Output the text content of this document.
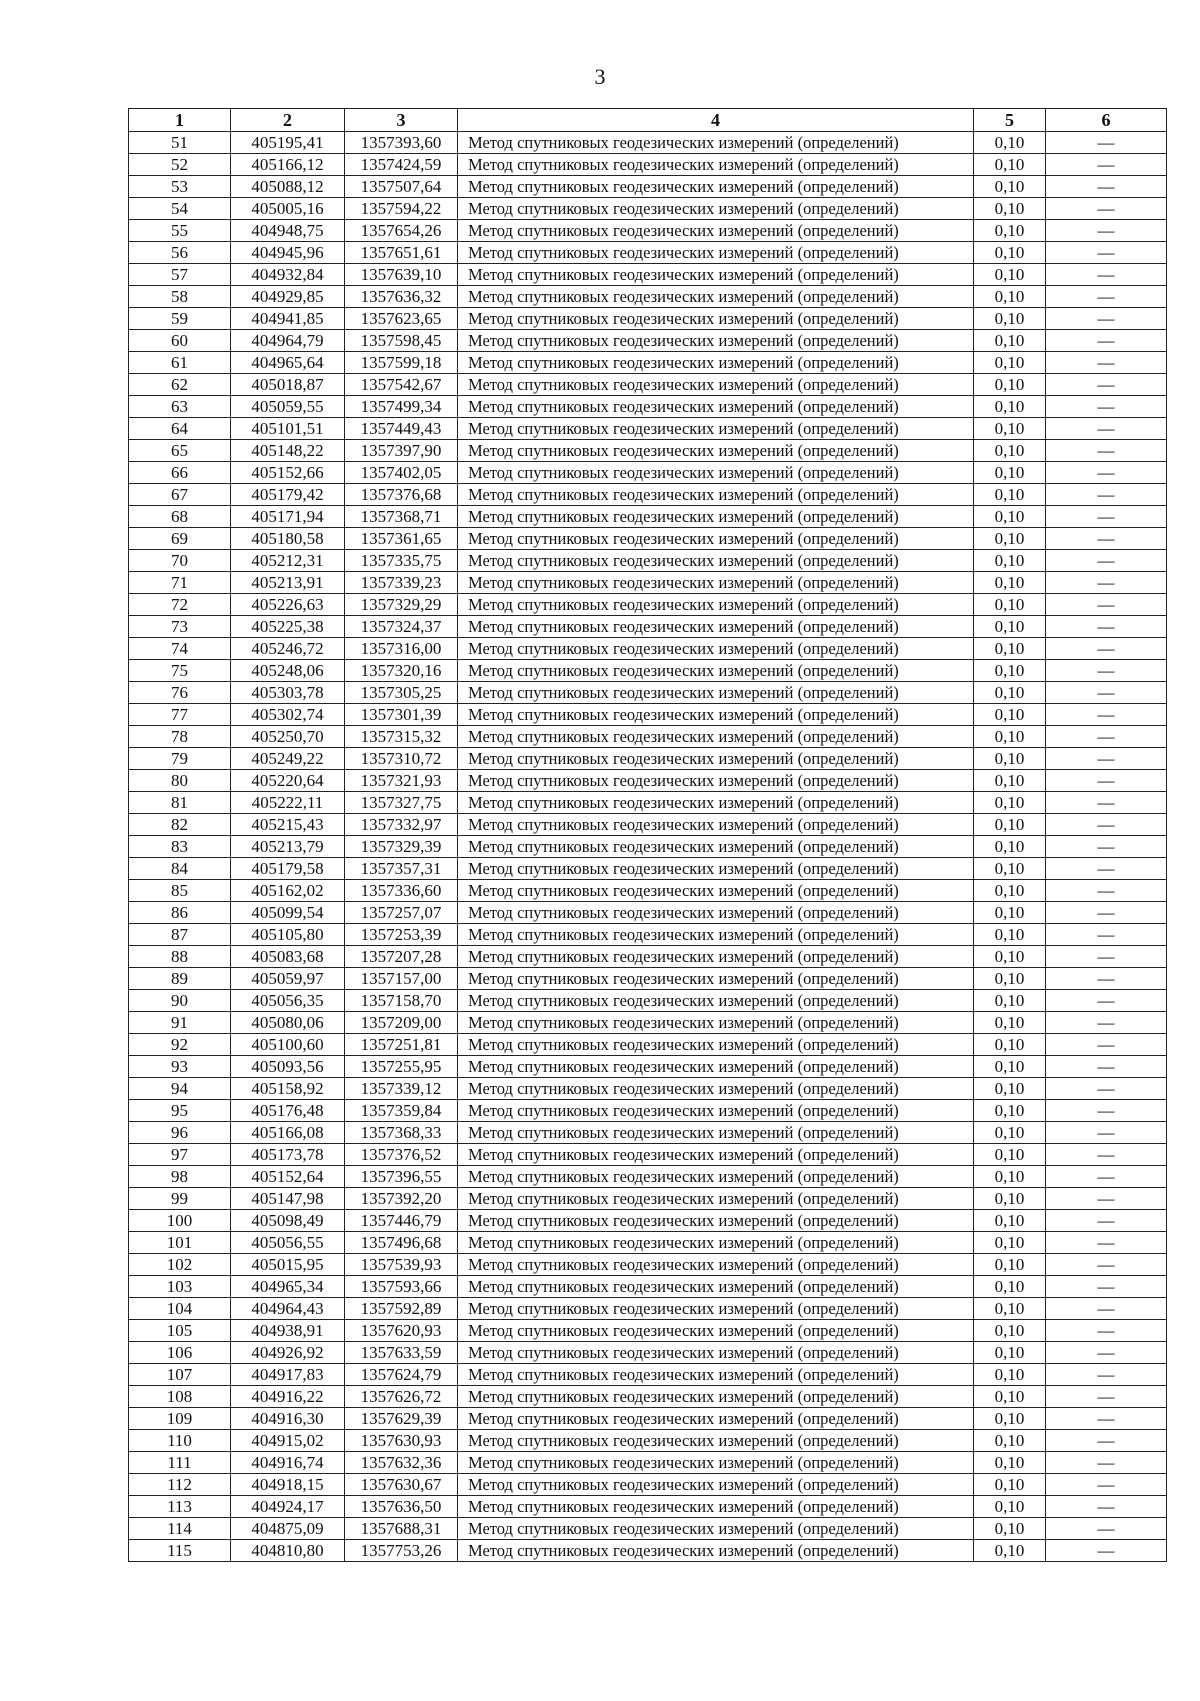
3
1	2	3	4	5	6
51	405195,41	1357393,60	Метод спутниковых геодезических измерений (определений)	0,10	—
52	405166,12	1357424,59	Метод спутниковых геодезических измерений (определений)	0,10	—
53	405088,12	1357507,64	Метод спутниковых геодезических измерений (определений)	0,10	—
54	405005,16	1357594,22	Метод спутниковых геодезических измерений (определений)	0,10	—
55	404948,75	1357654,26	Метод спутниковых геодезических измерений (определений)	0,10	—
56	404945,96	1357651,61	Метод спутниковых геодезических измерений (определений)	0,10	—
57	404932,84	1357639,10	Метод спутниковых геодезических измерений (определений)	0,10	—
58	404929,85	1357636,32	Метод спутниковых геодезических измерений (определений)	0,10	—
59	404941,85	1357623,65	Метод спутниковых геодезических измерений (определений)	0,10	—
60	404964,79	1357598,45	Метод спутниковых геодезических измерений (определений)	0,10	—
61	404965,64	1357599,18	Метод спутниковых геодезических измерений (определений)	0,10	—
62	405018,87	1357542,67	Метод спутниковых геодезических измерений (определений)	0,10	—
63	405059,55	1357499,34	Метод спутниковых геодезических измерений (определений)	0,10	—
64	405101,51	1357449,43	Метод спутниковых геодезических измерений (определений)	0,10	—
65	405148,22	1357397,90	Метод спутниковых геодезических измерений (определений)	0,10	—
66	405152,66	1357402,05	Метод спутниковых геодезических измерений (определений)	0,10	—
67	405179,42	1357376,68	Метод спутниковых геодезических измерений (определений)	0,10	—
68	405171,94	1357368,71	Метод спутниковых геодезических измерений (определений)	0,10	—
69	405180,58	1357361,65	Метод спутниковых геодезических измерений (определений)	0,10	—
70	405212,31	1357335,75	Метод спутниковых геодезических измерений (определений)	0,10	—
71	405213,91	1357339,23	Метод спутниковых геодезических измерений (определений)	0,10	—
72	405226,63	1357329,29	Метод спутниковых геодезических измерений (определений)	0,10	—
73	405225,38	1357324,37	Метод спутниковых геодезических измерений (определений)	0,10	—
74	405246,72	1357316,00	Метод спутниковых геодезических измерений (определений)	0,10	—
75	405248,06	1357320,16	Метод спутниковых геодезических измерений (определений)	0,10	—
76	405303,78	1357305,25	Метод спутниковых геодезических измерений (определений)	0,10	—
77	405302,74	1357301,39	Метод спутниковых геодезических измерений (определений)	0,10	—
78	405250,70	1357315,32	Метод спутниковых геодезических измерений (определений)	0,10	—
79	405249,22	1357310,72	Метод спутниковых геодезических измерений (определений)	0,10	—
80	405220,64	1357321,93	Метод спутниковых геодезических измерений (определений)	0,10	—
81	405222,11	1357327,75	Метод спутниковых геодезических измерений (определений)	0,10	—
82	405215,43	1357332,97	Метод спутниковых геодезических измерений (определений)	0,10	—
83	405213,79	1357329,39	Метод спутниковых геодезических измерений (определений)	0,10	—
84	405179,58	1357357,31	Метод спутниковых геодезических измерений (определений)	0,10	—
85	405162,02	1357336,60	Метод спутниковых геодезических измерений (определений)	0,10	—
86	405099,54	1357257,07	Метод спутниковых геодезических измерений (определений)	0,10	—
87	405105,80	1357253,39	Метод спутниковых геодезических измерений (определений)	0,10	—
88	405083,68	1357207,28	Метод спутниковых геодезических измерений (определений)	0,10	—
89	405059,97	1357157,00	Метод спутниковых геодезических измерений (определений)	0,10	—
90	405056,35	1357158,70	Метод спутниковых геодезических измерений (определений)	0,10	—
91	405080,06	1357209,00	Метод спутниковых геодезических измерений (определений)	0,10	—
92	405100,60	1357251,81	Метод спутниковых геодезических измерений (определений)	0,10	—
93	405093,56	1357255,95	Метод спутниковых геодезических измерений (определений)	0,10	—
94	405158,92	1357339,12	Метод спутниковых геодезических измерений (определений)	0,10	—
95	405176,48	1357359,84	Метод спутниковых геодезических измерений (определений)	0,10	—
96	405166,08	1357368,33	Метод спутниковых геодезических измерений (определений)	0,10	—
97	405173,78	1357376,52	Метод спутниковых геодезических измерений (определений)	0,10	—
98	405152,64	1357396,55	Метод спутниковых геодезических измерений (определений)	0,10	—
99	405147,98	1357392,20	Метод спутниковых геодезических измерений (определений)	0,10	—
100	405098,49	1357446,79	Метод спутниковых геодезических измерений (определений)	0,10	—
101	405056,55	1357496,68	Метод спутниковых геодезических измерений (определений)	0,10	—
102	405015,95	1357539,93	Метод спутниковых геодезических измерений (определений)	0,10	—
103	404965,34	1357593,66	Метод спутниковых геодезических измерений (определений)	0,10	—
104	404964,43	1357592,89	Метод спутниковых геодезических измерений (определений)	0,10	—
105	404938,91	1357620,93	Метод спутниковых геодезических измерений (определений)	0,10	—
106	404926,92	1357633,59	Метод спутниковых геодезических измерений (определений)	0,10	—
107	404917,83	1357624,79	Метод спутниковых геодезических измерений (определений)	0,10	—
108	404916,22	1357626,72	Метод спутниковых геодезических измерений (определений)	0,10	—
109	404916,30	1357629,39	Метод спутниковых геодезических измерений (определений)	0,10	—
110	404915,02	1357630,93	Метод спутниковых геодезических измерений (определений)	0,10	—
111	404916,74	1357632,36	Метод спутниковых геодезических измерений (определений)	0,10	—
112	404918,15	1357630,67	Метод спутниковых геодезических измерений (определений)	0,10	—
113	404924,17	1357636,50	Метод спутниковых геодезических измерений (определений)	0,10	—
114	404875,09	1357688,31	Метод спутниковых геодезических измерений (определений)	0,10	—
115	404810,80	1357753,26	Метод спутниковых геодезических измерений (определений)	0,10	—
